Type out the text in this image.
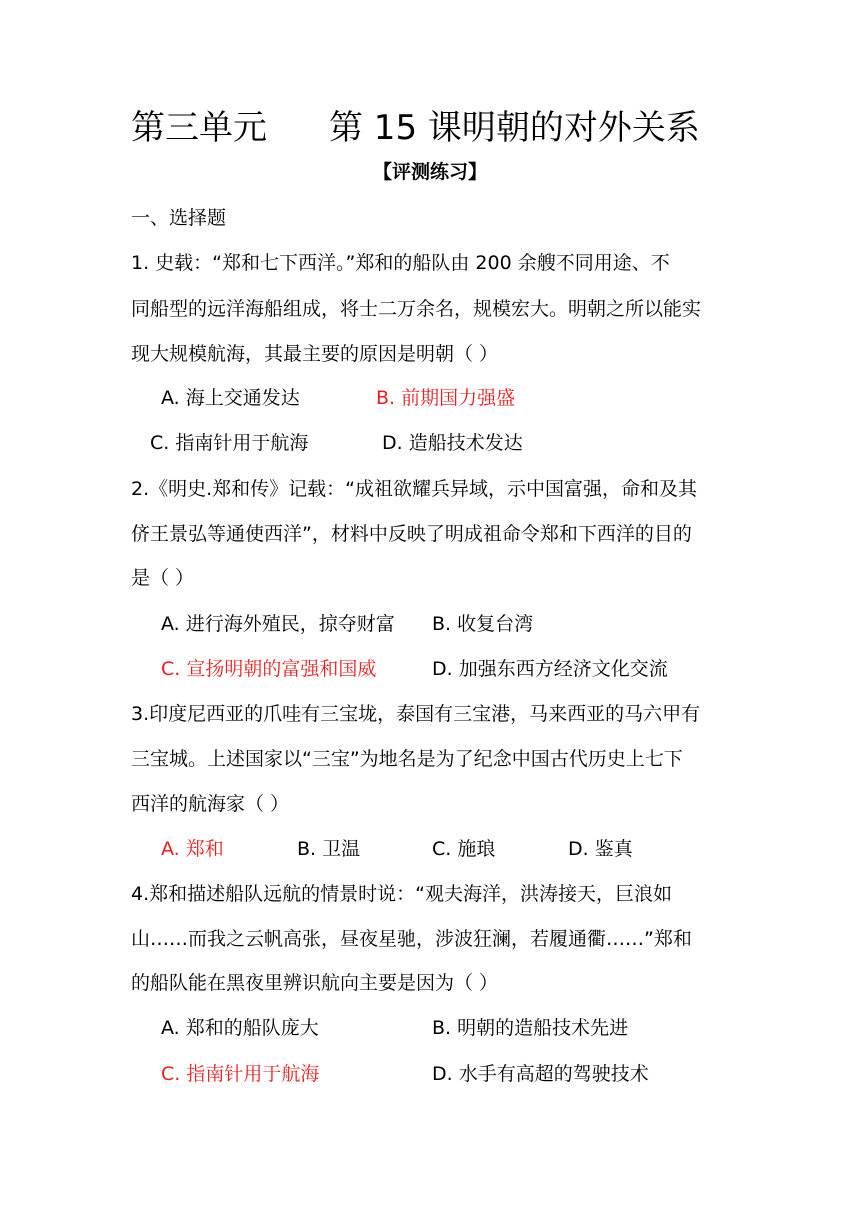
第三单元 第 15 课明朝的对外关系
【评测练习】
一、选择题
1. 史载：“郑和七下西洋。”郑和的船队由 200 余艘不同用途、不
同船型的远洋海船组成，将士二万余名，规模宏大。明朝之所以能实
现大规模航海，其最主要的原因是明朝（ ）
A. 海上交通发达	B. 前期国力强盛
C. 指南针用于航海	D. 造船技术发达
2.《明史.郑和传》记载：“成祖欲耀兵异域，示中国富强，命和及其
侪王景弘等通使西洋”，材料中反映了明成祖命令郑和下西洋的目的
是（ ）
A. 进行海外殖民，掠夺财富 B. 收复台湾
C. 宣扬明朝的富强和国威	D. 加强东西方经济文化交流
3.印度尼西亚的爪哇有三宝垅，泰国有三宝港，马来西亚的马六甲有
三宝城。上述国家以“三宝”为地名是为了纪念中国古代历史上七下
西洋的航海家（ ）
A. 郑和	B. 卫温	C. 施琅	D. 鉴真
4.郑和描述船队远航的情景时说：“观夫海洋，洪涛接天，巨浪如
山……而我之云帆高张，昼夜星驰，涉波狂澜，若履通衢……”郑和
的船队能在黑夜里辨识航向主要是因为（ ）
A. 郑和的船队庞大	B. 明朝的造船技术先进
C. 指南针用于航海	D. 水手有高超的驾驶技术
